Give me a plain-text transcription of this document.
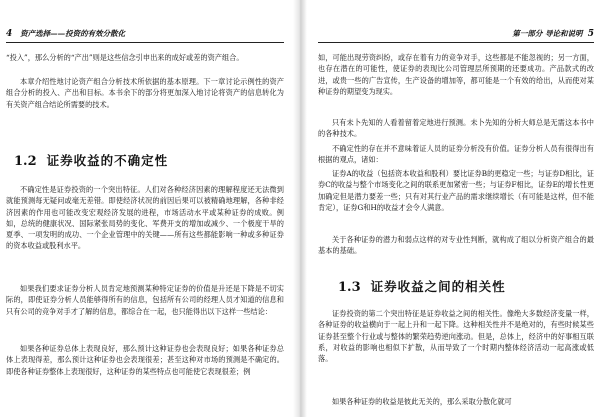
4 资产选择——投资的有效分散化

“投入”，那么分析的“产出”则是这些信念引申出来的成好或差的资产组合。

本章介绍性地讨论资产组合分析技术所依据的基本原理。下一章讨论示例性的资产组合分析的投入、产出和目标。本书余下的部分将更加深入地讨论将资产的信息转化为有关资产组合结论所需要的技术。

1.2 证券收益的不确定性

不确定性是证券投资的一个突出特征。人们对各种经济因素的理解程度还无法微到就能预测每无疑问或毫无差错。即使经济状况的前因后果可以被精确地理解，各种非经济因素的作用也可能改变宏观经济发展的进程，市场活动水平或某种证券的成败。例如，总统的健康状况、国际紧张局势的变化、军费开支的增加或减少、一个极度干旱的夏季、一项发明的成功、一个企业管理中的关键——所有这些都能影响一种或多种证券的资本收益或股利水平。

如果我们要求证券分析人员肯定地预测某种特定证券的价值是升还是下降是不切实际的，即使证券分析人员能够得所有的信息，包括所有公司的经理人员才知道的信息和只有公司的竞争对手才了解的信息，都综合在一起，也只能得出以下这样一些结论：

如果各种证券总体上表现良好，那么预计这种证券也会表现良好；如果各种证券总体上表现得差，那么预计这种证券也会表现很差；甚至这种对市场的预测是不确定的。即使各种证券整体上表现很好，这种证券的某些特点也可能使它表现很差；例

第一部分 导论和说明 5

如，可能出现劳资纠纷，或存在着有力的竞争对手，这些都是不能忽视的；另一方面，也存在潜在的可能性，使证券的表现比公司管理层所预期的还要成功。产品款式的改进，或贵一些的广告宣传，生产设备的增加等，都可能是一个有效的给出，从而使对某种证券的期望变为现实。

只有未卜先知的人看着留着定地进行预测。未卜先知的分析大师总是无需这本书中的各种技术。

不确定性的存在并不意味着证人员的证券分析没有价值。证券分析人员有很得出有根据的观点，诸如：

证券A的收益（包括资本收益和股利）要比证券B的更稳定一些；与证券D相比，证券C的收益与整个市场变化之间的联系更加紧密一些；与证券F相比，证券E的增长性更加确定但是潜力要差一些；只有对其行业产品的需求继续增长（有可能是这样，但不能肯定），证券G和H的收益才会令人满意。

关于各种证券的潜力和弱点这样的对专业性判断，就构成了组以分析资产组合的最基本的基础。

1.3 证券收益之间的相关性

证券投资的第二个突出特征是证券收益之间的相关性。像绝大多数经济变量一样，各种证券的收益横向于一起上升和一起下降。这种相关性并不是绝对的，有些时候某些证券甚至整个行业或与整体的繁荣趋势逆向涨动。但是，总体上，经济中的好事相互联系，对收益的影响也相似下扩散，从而导致了一个时期内整体经济活动一起高涨或低落。

如果各种证券的收益是彼此无关的，那么采取分散化就可
